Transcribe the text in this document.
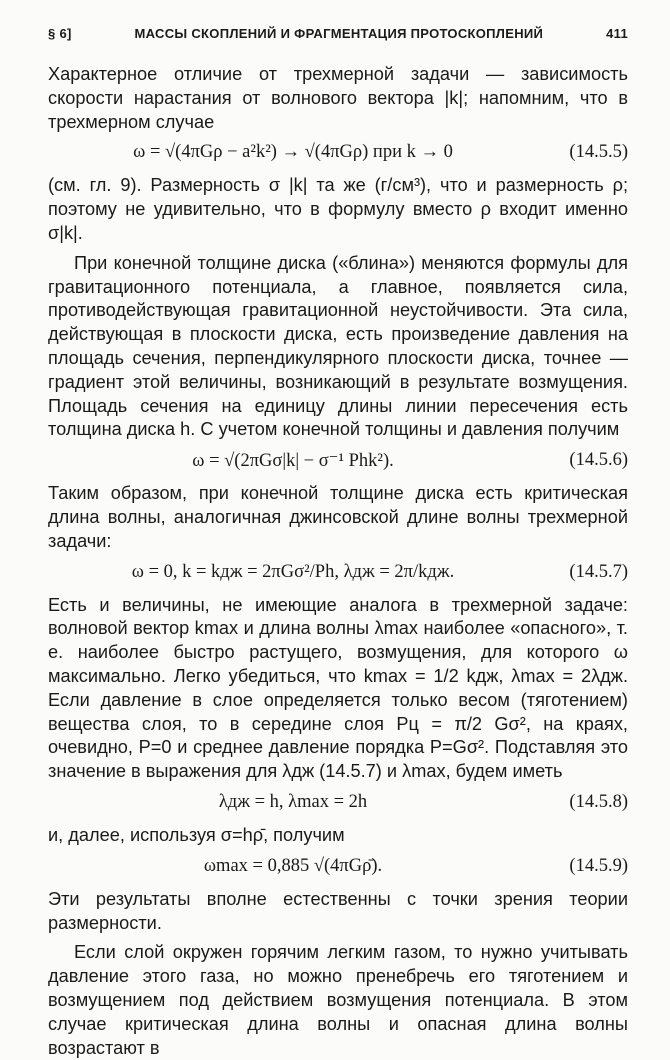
§ 6]	МАССЫ СКОПЛЕНИЙ И ФРАГМЕНТАЦИЯ ПРОТОСКОПЛЕНИЙ	411

Характерное отличие от трехмерной задачи — зависимость скорости нарастания от волнового вектора |k|; напомним, что в трехмерном случае

ω = √(4πGρ − a²k²) → √(4πGρ) при k → 0	(14.5.5)

(см. гл. 9). Размерность σ |k| та же (г/см³), что и размерность ρ; поэтому не удивительно, что в формулу вместо ρ входит именно σ|k|.

При конечной толщине диска («блина») меняются формулы для гравитационного потенциала, а главное, появляется сила, противодействующая гравитационной неустойчивости. Эта сила, действующая в плоскости диска, есть произведение давления на площадь сечения, перпендикулярного плоскости диска, точнее — градиент этой величины, возникающий в результате возмущения. Площадь сечения на единицу длины линии пересечения есть толщина диска h. С учетом конечной толщины и давления получим

ω = √(2πGσ|k| − σ⁻¹ Phk²).	(14.5.6)

Таким образом, при конечной толщине диска есть критическая длина волны, аналогичная джинсовской длине волны трехмерной задачи:

ω = 0, k = kдж = 2πGσ²/Ph, λдж = 2π/kдж.	(14.5.7)

Есть и величины, не имеющие аналога в трехмерной задаче: волновой вектор kmax и длина волны λmax наиболее «опасного», т. е. наиболее быстро растущего, возмущения, для которого ω максимально. Легко убедиться, что kmax = 1/2 kдж, λmax = 2λдж. Если давление в слое определяется только весом (тяготением) вещества слоя, то в середине слоя Pц = π/2 Gσ², на краях, очевидно, P=0 и среднее давление порядка P=Gσ². Подставляя это значение в выражения для λдж (14.5.7) и λmax, будем иметь

λдж = h, λmax = 2h	(14.5.8)

и, далее, используя σ=hρ̄, получим

ωmax = 0,885 √(4πGρ̄).	(14.5.9)

Эти результаты вполне естественны с точки зрения теории размерности.

Если слой окружен горячим легким газом, то нужно учитывать давление этого газа, но можно пренебречь его тяготением и возмущением под действием возмущения потенциала. В этом случае критическая длина волны и опасная длина волны возрастают в
